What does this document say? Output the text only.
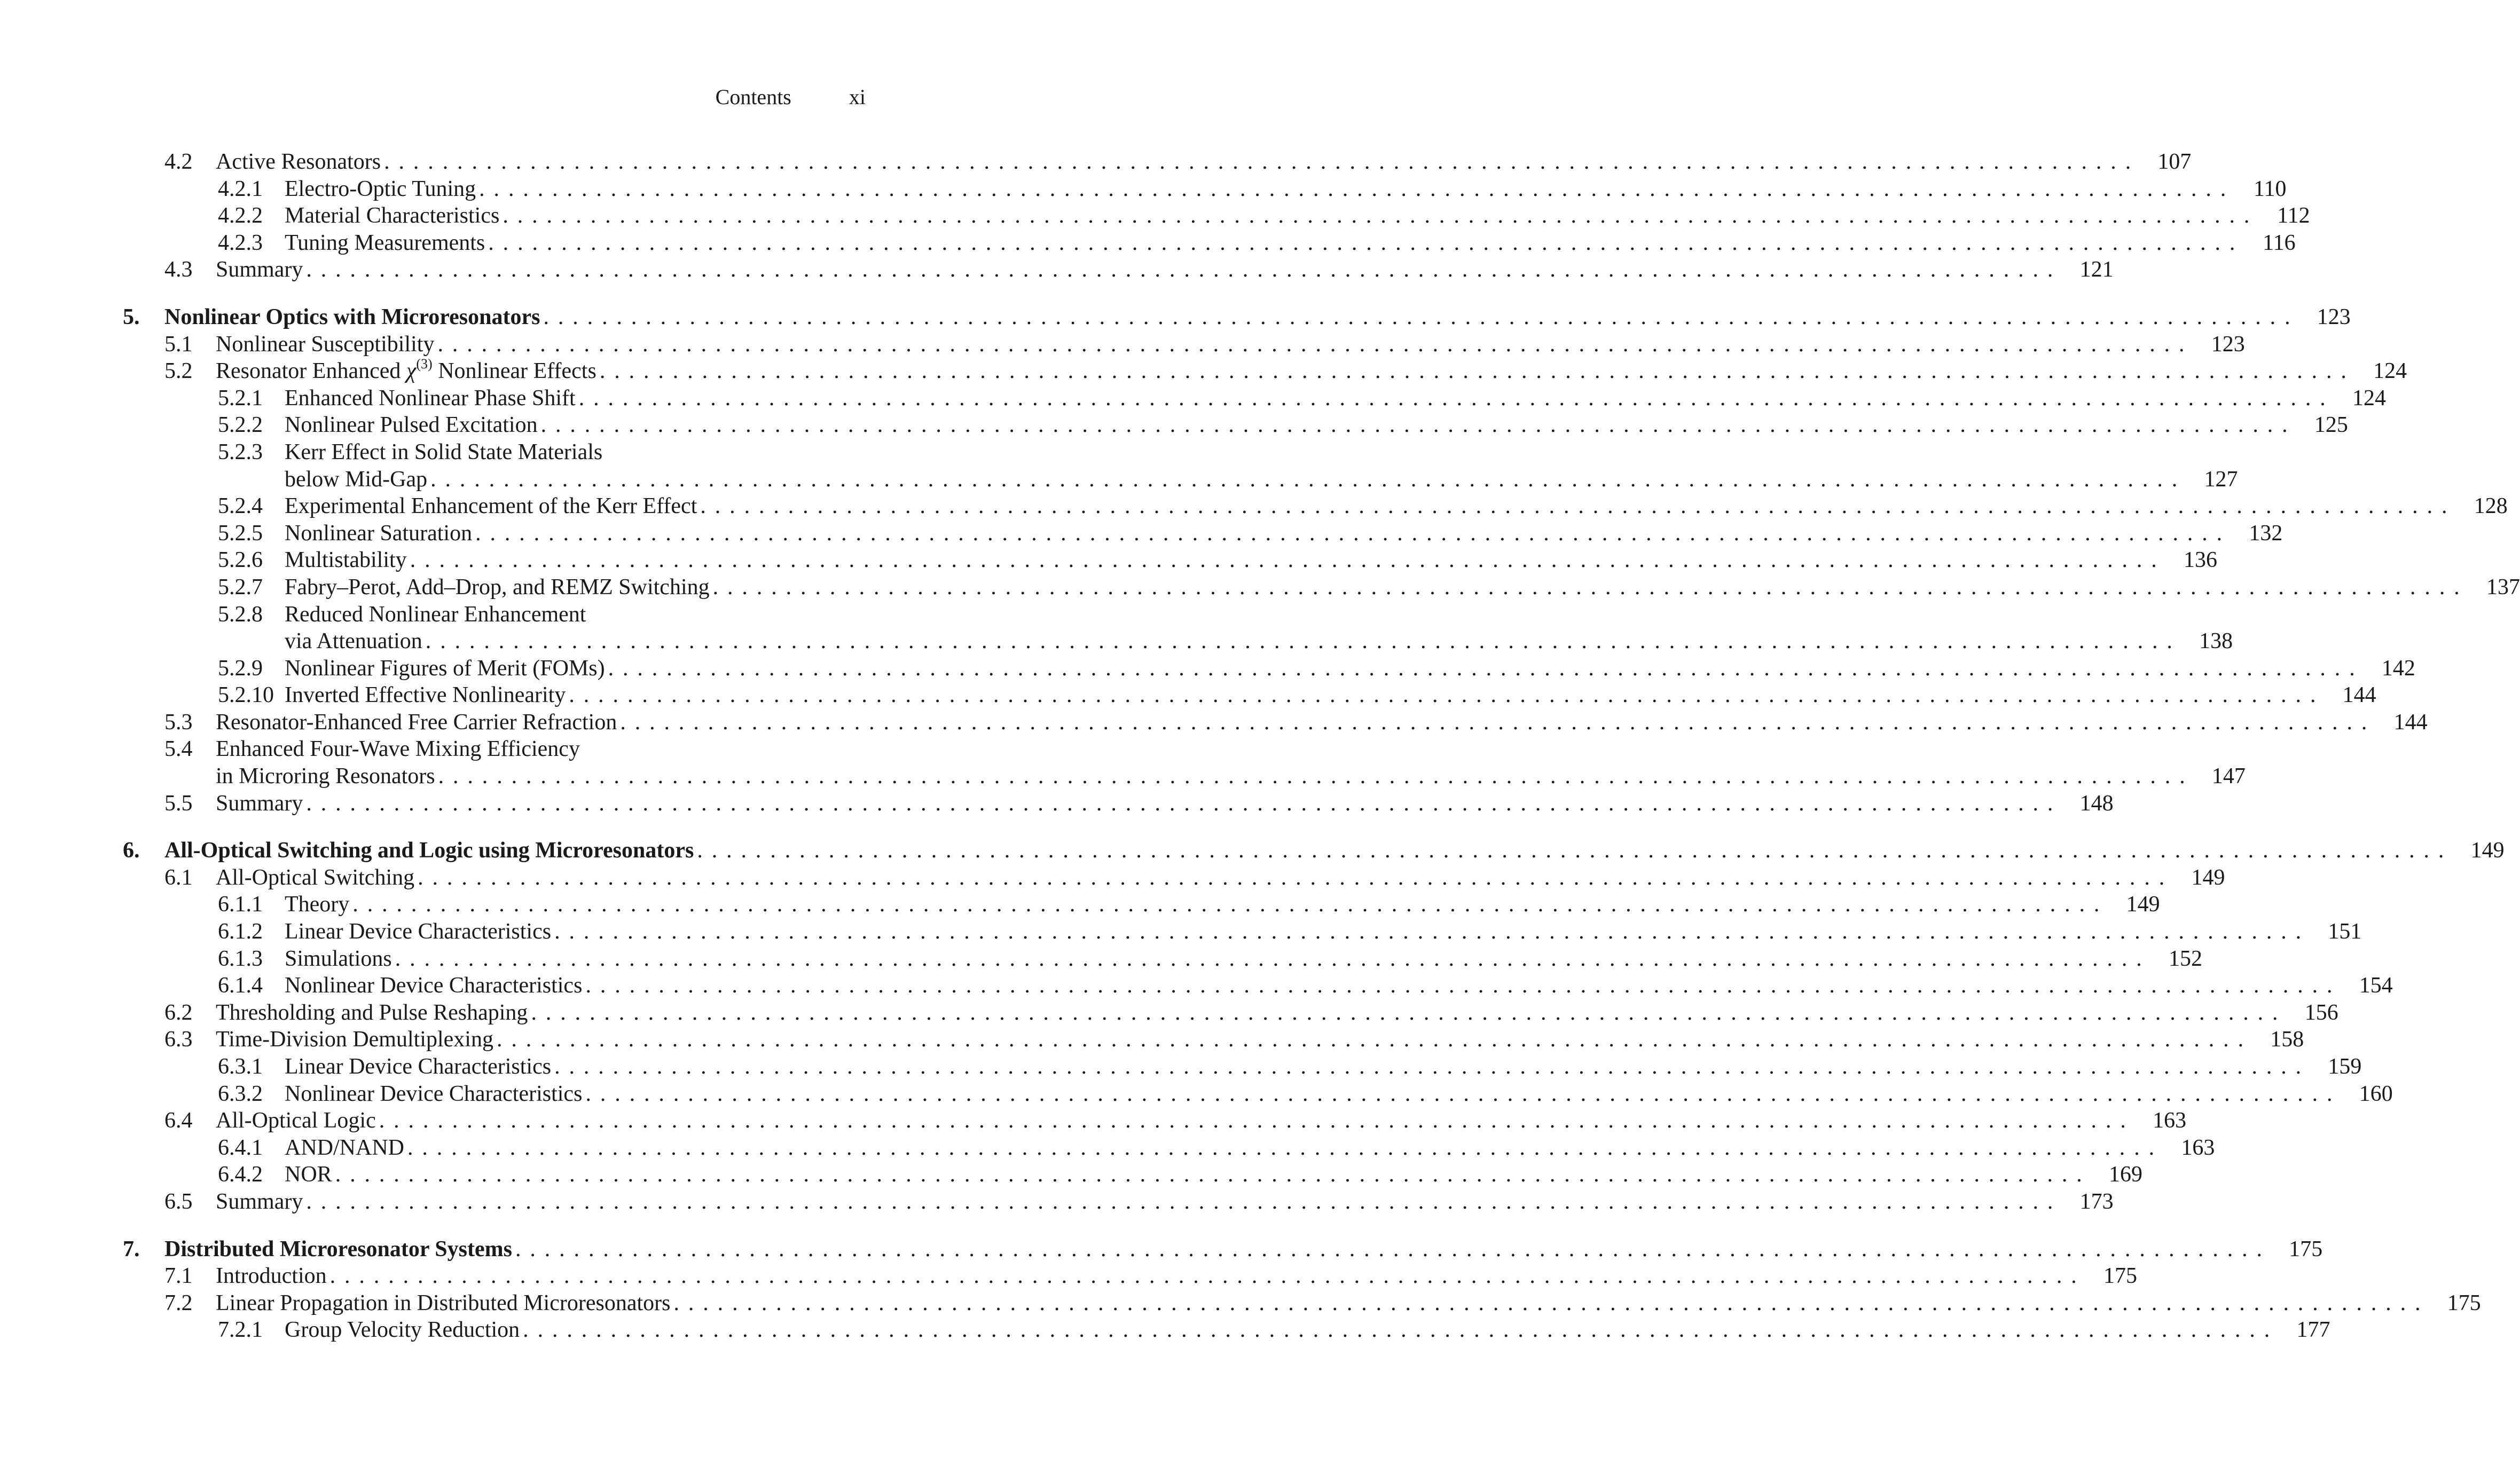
Contents	xi
4.2 Active Resonators . . . . . . . . . . . . . . . . . . . . . . . . . . . . . . . . . . . . . . . . . . . . . . . . . . . . . . . . . . . . . . . . . . . . . . . . . . . . . . . . . . . . . . . . . . . . . . . . . . . . . . . . . . . . . . . . . . . . . . . .	107
4.2.1 Electro-Optic Tuning . . . . . . . . . . . . . . . . . . . . . . . . . . . . . . . . . . . . . . . . . . . . . . . . . . . . . . . . . . . . . . . . . . . . . . . . . . . . . . . . . . . . . . . . . . . . . . . . . . . . . . . . . . . . . . . . . . . . . . . .	110
4.2.2 Material Characteristics . . . . . . . . . . . . . . . . . . . . . . . . . . . . . . . . . . . . . . . . . . . . . . . . . . . . . . . . . . . . . . . . . . . . . . . . . . . . . . . . . . . . . . . . . . . . . . . . . . . . . . . . . . . . . . . . . . . . . . . .	112
4.2.3 Tuning Measurements . . . . . . . . . . . . . . . . . . . . . . . . . . . . . . . . . . . . . . . . . . . . . . . . . . . . . . . . . . . . . . . . . . . . . . . . . . . . . . . . . . . . . . . . . . . . . . . . . . . . . . . . . . . . . . . . . . . . . . . .	116
4.3 Summary . . . . . . . . . . . . . . . . . . . . . . . . . . . . . . . . . . . . . . . . . . . . . . . . . . . . . . . . . . . . . . . . . . . . . . . . . . . . . . . . . . . . . . . . . . . . . . . . . . . . . . . . . . . . . . . . . . . . . . . .	121
5. Nonlinear Optics with Microresonators . . . . . . . . . . . . . . . . . . . . . . . . . . . . . . . . . . . . . . . . . . . . . . . . . . . . . . . . . . . . . . . . . . . . . . . . . . . . . . . . . . . . . . . . . . . . . . . . . . . . . . . . . . . . . . . . . . . . . . . .	123
5.1 Nonlinear Susceptibility . . . . . . . . . . . . . . . . . . . . . . . . . . . . . . . . . . . . . . . . . . . . . . . . . . . . . . . . . . . . . . . . . . . . . . . . . . . . . . . . . . . . . . . . . . . . . . . . . . . . . . . . . . . . . . . . . . . . . . . .	123
5.2 Resonator Enhanced $\chi^{(3)}$ Nonlinear Effects . . . . . . . . . . . . . . . . . . . . . . . . . . . . . . . . . . . . . . . . . . . . . . . . . . . . . . . . . . . . . . . . . . . . . . . . . . . . . . . . . . . . . . . . . . . . . . . . . . . . . . . . . . . . . . . . . . . . . . . .	124
5.2.1 Enhanced Nonlinear Phase Shift . . . . . . . . . . . . . . . . . . . . . . . . . . . . . . . . . . . . . . . . . . . . . . . . . . . . . . . . . . . . . . . . . . . . . . . . . . . . . . . . . . . . . . . . . . . . . . . . . . . . . . . . . . . . . . . . . . . . . . . .	124
5.2.2 Nonlinear Pulsed Excitation . . . . . . . . . . . . . . . . . . . . . . . . . . . . . . . . . . . . . . . . . . . . . . . . . . . . . . . . . . . . . . . . . . . . . . . . . . . . . . . . . . . . . . . . . . . . . . . . . . . . . . . . . . . . . . . . . . . . . . . .	125
5.2.3 Kerr Effect in Solid State Materials
below Mid-Gap . . . . . . . . . . . . . . . . . . . . . . . . . . . . . . . . . . . . . . . . . . . . . . . . . . . . . . . . . . . . . . . . . . . . . . . . . . . . . . . . . . . . . . . . . . . . . . . . . . . . . . . . . . . . . . . . . . . . . . . .	127
5.2.4 Experimental Enhancement of the Kerr Effect . . . . . . . . . . . . . . . . . . . . . . . . . . . . . . . . . . . . . . . . . . . . . . . . . . . . . . . . . . . . . . . . . . . . . . . . . . . . . . . . . . . . . . . . . . . . . . . . . . . . . . . . . . . . . . . . . . . . . . . .	128
5.2.5 Nonlinear Saturation . . . . . . . . . . . . . . . . . . . . . . . . . . . . . . . . . . . . . . . . . . . . . . . . . . . . . . . . . . . . . . . . . . . . . . . . . . . . . . . . . . . . . . . . . . . . . . . . . . . . . . . . . . . . . . . . . . . . . . . .	132
5.2.6 Multistability . . . . . . . . . . . . . . . . . . . . . . . . . . . . . . . . . . . . . . . . . . . . . . . . . . . . . . . . . . . . . . . . . . . . . . . . . . . . . . . . . . . . . . . . . . . . . . . . . . . . . . . . . . . . . . . . . . . . . . . .	136
5.2.7 Fabry–Perot, Add–Drop, and REMZ Switching . . . . . . . . . . . . . . . . . . . . . . . . . . . . . . . . . . . . . . . . . . . . . . . . . . . . . . . . . . . . . . . . . . . . . . . . . . . . . . . . . . . . . . . . . . . . . . . . . . . . . . . . . . . . . . . . . . . . . . . .	137
5.2.8 Reduced Nonlinear Enhancement
via Attenuation . . . . . . . . . . . . . . . . . . . . . . . . . . . . . . . . . . . . . . . . . . . . . . . . . . . . . . . . . . . . . . . . . . . . . . . . . . . . . . . . . . . . . . . . . . . . . . . . . . . . . . . . . . . . . . . . . . . . . . . .	138
5.2.9 Nonlinear Figures of Merit (FOMs) . . . . . . . . . . . . . . . . . . . . . . . . . . . . . . . . . . . . . . . . . . . . . . . . . . . . . . . . . . . . . . . . . . . . . . . . . . . . . . . . . . . . . . . . . . . . . . . . . . . . . . . . . . . . . . . . . . . . . . . .	142
5.2.10 Inverted Effective Nonlinearity . . . . . . . . . . . . . . . . . . . . . . . . . . . . . . . . . . . . . . . . . . . . . . . . . . . . . . . . . . . . . . . . . . . . . . . . . . . . . . . . . . . . . . . . . . . . . . . . . . . . . . . . . . . . . . . . . . . . . . . .	144
5.3 Resonator-Enhanced Free Carrier Refraction . . . . . . . . . . . . . . . . . . . . . . . . . . . . . . . . . . . . . . . . . . . . . . . . . . . . . . . . . . . . . . . . . . . . . . . . . . . . . . . . . . . . . . . . . . . . . . . . . . . . . . . . . . . . . . . . . . . . . . . .	144
5.4 Enhanced Four-Wave Mixing Efficiency
in Microring Resonators . . . . . . . . . . . . . . . . . . . . . . . . . . . . . . . . . . . . . . . . . . . . . . . . . . . . . . . . . . . . . . . . . . . . . . . . . . . . . . . . . . . . . . . . . . . . . . . . . . . . . . . . . . . . . . . . . . . . . . . .	147
5.5 Summary . . . . . . . . . . . . . . . . . . . . . . . . . . . . . . . . . . . . . . . . . . . . . . . . . . . . . . . . . . . . . . . . . . . . . . . . . . . . . . . . . . . . . . . . . . . . . . . . . . . . . . . . . . . . . . . . . . . . . . . .	148
6. All-Optical Switching and Logic using Microresonators . . . . . . . . . . . . . . . . . . . . . . . . . . . . . . . . . . . . . . . . . . . . . . . . . . . . . . . . . . . . . . . . . . . . . . . . . . . . . . . . . . . . . . . . . . . . . . . . . . . . . . . . . . . . . . . . . . . . . . . .	149
6.1 All-Optical Switching . . . . . . . . . . . . . . . . . . . . . . . . . . . . . . . . . . . . . . . . . . . . . . . . . . . . . . . . . . . . . . . . . . . . . . . . . . . . . . . . . . . . . . . . . . . . . . . . . . . . . . . . . . . . . . . . . . . . . . . .	149
6.1.1 Theory . . . . . . . . . . . . . . . . . . . . . . . . . . . . . . . . . . . . . . . . . . . . . . . . . . . . . . . . . . . . . . . . . . . . . . . . . . . . . . . . . . . . . . . . . . . . . . . . . . . . . . . . . . . . . . . . . . . . . . . .	149
6.1.2 Linear Device Characteristics . . . . . . . . . . . . . . . . . . . . . . . . . . . . . . . . . . . . . . . . . . . . . . . . . . . . . . . . . . . . . . . . . . . . . . . . . . . . . . . . . . . . . . . . . . . . . . . . . . . . . . . . . . . . . . . . . . . . . . . .	151
6.1.3 Simulations . . . . . . . . . . . . . . . . . . . . . . . . . . . . . . . . . . . . . . . . . . . . . . . . . . . . . . . . . . . . . . . . . . . . . . . . . . . . . . . . . . . . . . . . . . . . . . . . . . . . . . . . . . . . . . . . . . . . . . . .	152
6.1.4 Nonlinear Device Characteristics . . . . . . . . . . . . . . . . . . . . . . . . . . . . . . . . . . . . . . . . . . . . . . . . . . . . . . . . . . . . . . . . . . . . . . . . . . . . . . . . . . . . . . . . . . . . . . . . . . . . . . . . . . . . . . . . . . . . . . . .	154
6.2 Thresholding and Pulse Reshaping . . . . . . . . . . . . . . . . . . . . . . . . . . . . . . . . . . . . . . . . . . . . . . . . . . . . . . . . . . . . . . . . . . . . . . . . . . . . . . . . . . . . . . . . . . . . . . . . . . . . . . . . . . . . . . . . . . . . . . . .	156
6.3 Time-Division Demultiplexing . . . . . . . . . . . . . . . . . . . . . . . . . . . . . . . . . . . . . . . . . . . . . . . . . . . . . . . . . . . . . . . . . . . . . . . . . . . . . . . . . . . . . . . . . . . . . . . . . . . . . . . . . . . . . . . . . . . . . . . .	158
6.3.1 Linear Device Characteristics . . . . . . . . . . . . . . . . . . . . . . . . . . . . . . . . . . . . . . . . . . . . . . . . . . . . . . . . . . . . . . . . . . . . . . . . . . . . . . . . . . . . . . . . . . . . . . . . . . . . . . . . . . . . . . . . . . . . . . . .	159
6.3.2 Nonlinear Device Characteristics . . . . . . . . . . . . . . . . . . . . . . . . . . . . . . . . . . . . . . . . . . . . . . . . . . . . . . . . . . . . . . . . . . . . . . . . . . . . . . . . . . . . . . . . . . . . . . . . . . . . . . . . . . . . . . . . . . . . . . . .	160
6.4 All-Optical Logic . . . . . . . . . . . . . . . . . . . . . . . . . . . . . . . . . . . . . . . . . . . . . . . . . . . . . . . . . . . . . . . . . . . . . . . . . . . . . . . . . . . . . . . . . . . . . . . . . . . . . . . . . . . . . . . . . . . . . . . .	163
6.4.1 AND/NAND . . . . . . . . . . . . . . . . . . . . . . . . . . . . . . . . . . . . . . . . . . . . . . . . . . . . . . . . . . . . . . . . . . . . . . . . . . . . . . . . . . . . . . . . . . . . . . . . . . . . . . . . . . . . . . . . . . . . . . . .	163
6.4.2 NOR . . . . . . . . . . . . . . . . . . . . . . . . . . . . . . . . . . . . . . . . . . . . . . . . . . . . . . . . . . . . . . . . . . . . . . . . . . . . . . . . . . . . . . . . . . . . . . . . . . . . . . . . . . . . . . . . . . . . . . . .	169
6.5 Summary . . . . . . . . . . . . . . . . . . . . . . . . . . . . . . . . . . . . . . . . . . . . . . . . . . . . . . . . . . . . . . . . . . . . . . . . . . . . . . . . . . . . . . . . . . . . . . . . . . . . . . . . . . . . . . . . . . . . . . . .	173
7. Distributed Microresonator Systems . . . . . . . . . . . . . . . . . . . . . . . . . . . . . . . . . . . . . . . . . . . . . . . . . . . . . . . . . . . . . . . . . . . . . . . . . . . . . . . . . . . . . . . . . . . . . . . . . . . . . . . . . . . . . . . . . . . . . . . .	175
7.1 Introduction . . . . . . . . . . . . . . . . . . . . . . . . . . . . . . . . . . . . . . . . . . . . . . . . . . . . . . . . . . . . . . . . . . . . . . . . . . . . . . . . . . . . . . . . . . . . . . . . . . . . . . . . . . . . . . . . . . . . . . . .	175
7.2 Linear Propagation in Distributed Microresonators . . . . . . . . . . . . . . . . . . . . . . . . . . . . . . . . . . . . . . . . . . . . . . . . . . . . . . . . . . . . . . . . . . . . . . . . . . . . . . . . . . . . . . . . . . . . . . . . . . . . . . . . . . . . . . . . . . . . . . . .	175
7.2.1 Group Velocity Reduction . . . . . . . . . . . . . . . . . . . . . . . . . . . . . . . . . . . . . . . . . . . . . . . . . . . . . . . . . . . . . . . . . . . . . . . . . . . . . . . . . . . . . . . . . . . . . . . . . . . . . . . . . . . . . . . . . . . . . . . .	177
